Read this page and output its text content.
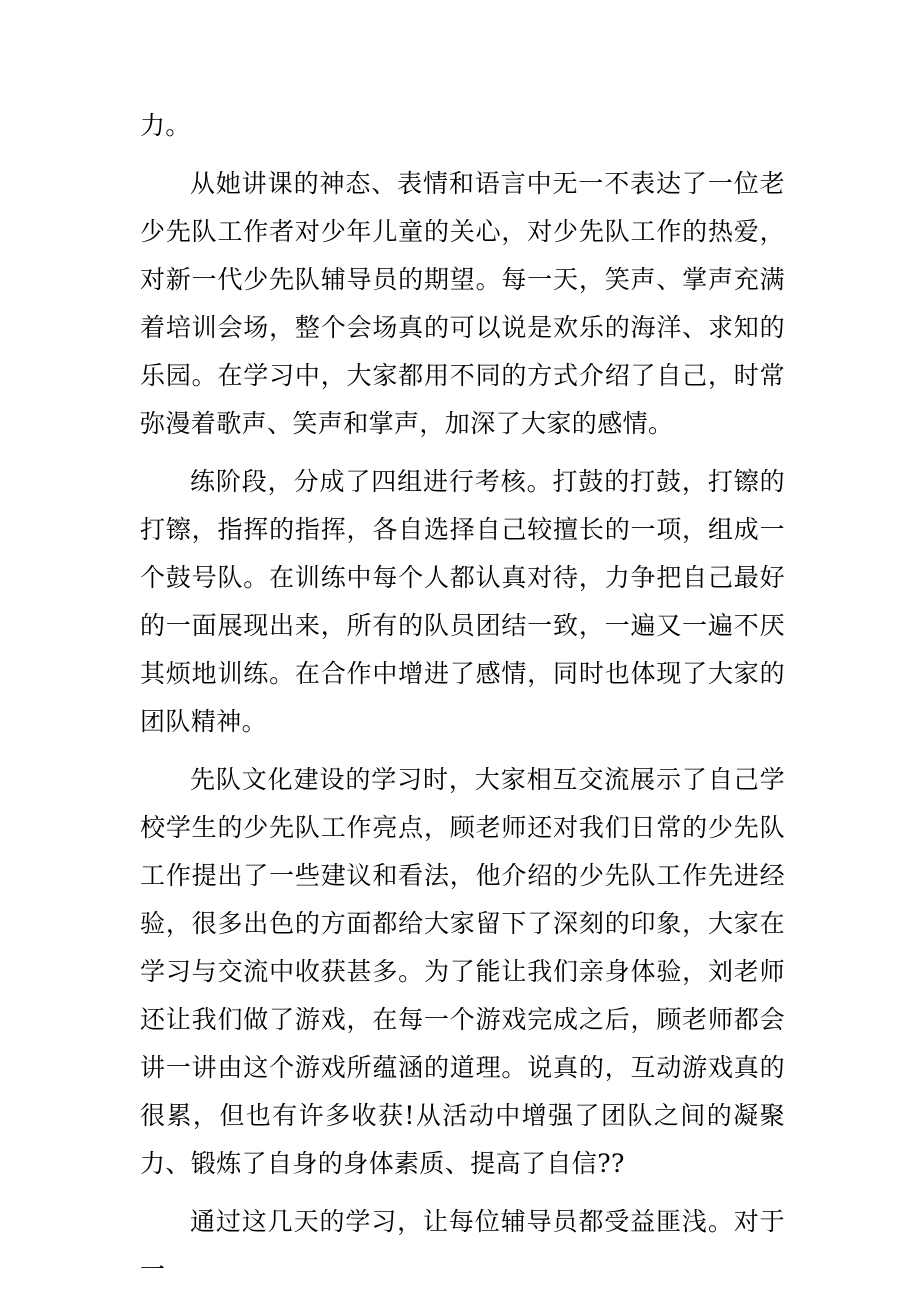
力。

从她讲课的神态、表情和语言中无一不表达了一位老少先队工作者对少年儿童的关心，对少先队工作的热爱，对新一代少先队辅导员的期望。每一天，笑声、掌声充满着培训会场，整个会场真的可以说是欢乐的海洋、求知的乐园。在学习中，大家都用不同的方式介绍了自己，时常弥漫着歌声、笑声和掌声，加深了大家的感情。

练阶段，分成了四组进行考核。打鼓的打鼓，打镲的打镲，指挥的指挥，各自选择自己较擅长的一项，组成一个鼓号队。在训练中每个人都认真对待，力争把自己最好的一面展现出来，所有的队员团结一致，一遍又一遍不厌其烦地训练。在合作中增进了感情，同时也体现了大家的团队精神。

先队文化建设的学习时，大家相互交流展示了自己学校学生的少先队工作亮点，顾老师还对我们日常的少先队工作提出了一些建议和看法，他介绍的少先队工作先进经验，很多出色的方面都给大家留下了深刻的印象，大家在学习与交流中收获甚多。为了能让我们亲身体验，刘老师还让我们做了游戏，在每一个游戏完成之后，顾老师都会讲一讲由这个游戏所蕴涵的道理。说真的，互动游戏真的很累，但也有许多收获!从活动中增强了团队之间的凝聚力、锻炼了自身的身体素质、提高了自信??

通过这几天的学习，让每位辅导员都受益匪浅。对于一
